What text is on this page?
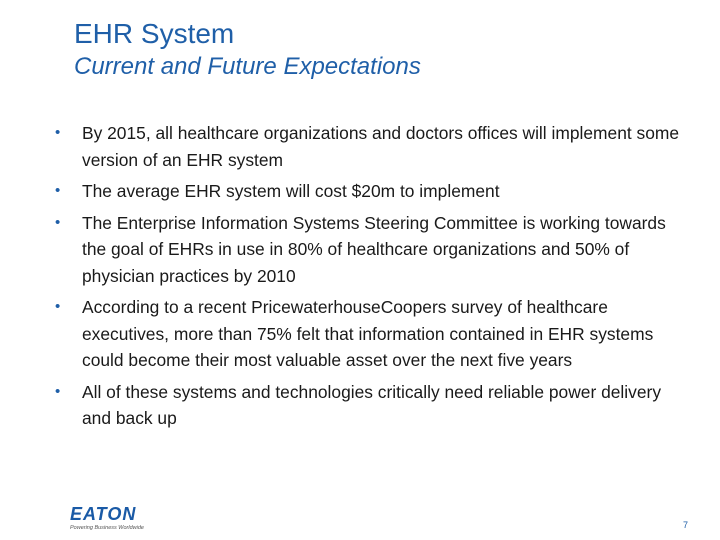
EHR System
Current and Future Expectations
• By 2015, all healthcare organizations and doctors offices will implement some version of an EHR system
• The average EHR system will cost $20m to implement
• The Enterprise Information Systems Steering Committee is working towards the goal of EHRs in use in 80% of healthcare organizations and 50% of physician practices by 2010
• According to a recent PricewaterhouseCoopers survey of healthcare executives, more than 75% felt that information contained in EHR systems could become their most valuable asset over the next five years
• All of these systems and technologies critically need reliable power delivery and back up
EATON
Powering Business Worldwide	7
